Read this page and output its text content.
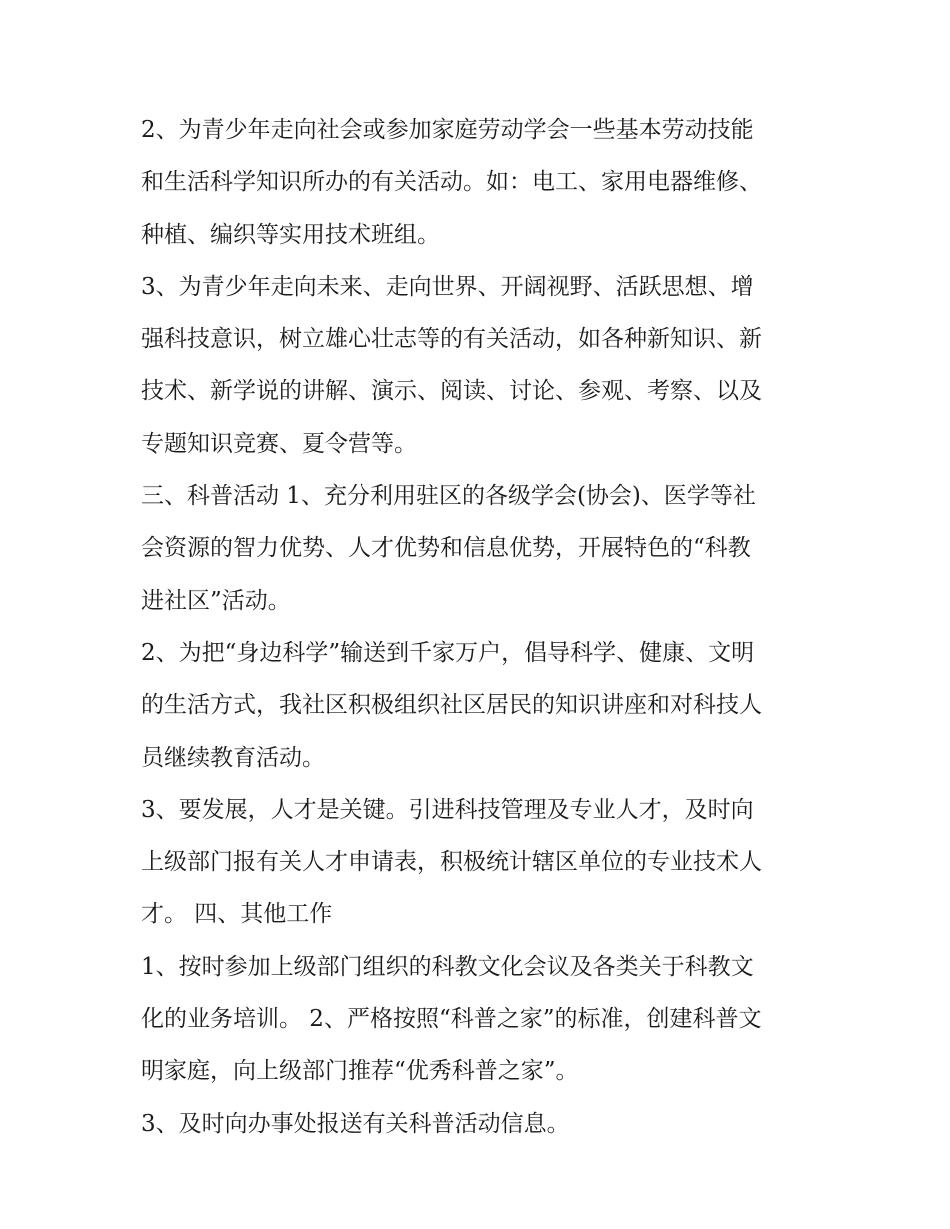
2、为青少年走向社会或参加家庭劳动学会一些基本劳动技能
和生活科学知识所办的有关活动。如：电工、家用电器维修、
种植、编织等实用技术班组。
3、为青少年走向未来、走向世界、开阔视野、活跃思想、增
强科技意识，树立雄心壮志等的有关活动，如各种新知识、新
技术、新学说的讲解、演示、阅读、讨论、参观、考察、以及
专题知识竞赛、夏令营等。
三、科普活动 1、充分利用驻区的各级学会(协会)、医学等社
会资源的智力优势、人才优势和信息优势，开展特色的“科教
进社区”活动。
2、为把“身边科学”输送到千家万户，倡导科学、健康、文明
的生活方式，我社区积极组织社区居民的知识讲座和对科技人
员继续教育活动。
3、要发展，人才是关键。引进科技管理及专业人才，及时向
上级部门报有关人才申请表，积极统计辖区单位的专业技术人
才。 四、其他工作
1、按时参加上级部门组织的科教文化会议及各类关于科教文
化的业务培训。 2、严格按照“科普之家”的标准，创建科普文
明家庭，向上级部门推荐“优秀科普之家”。
3、及时向办事处报送有关科普活动信息。
